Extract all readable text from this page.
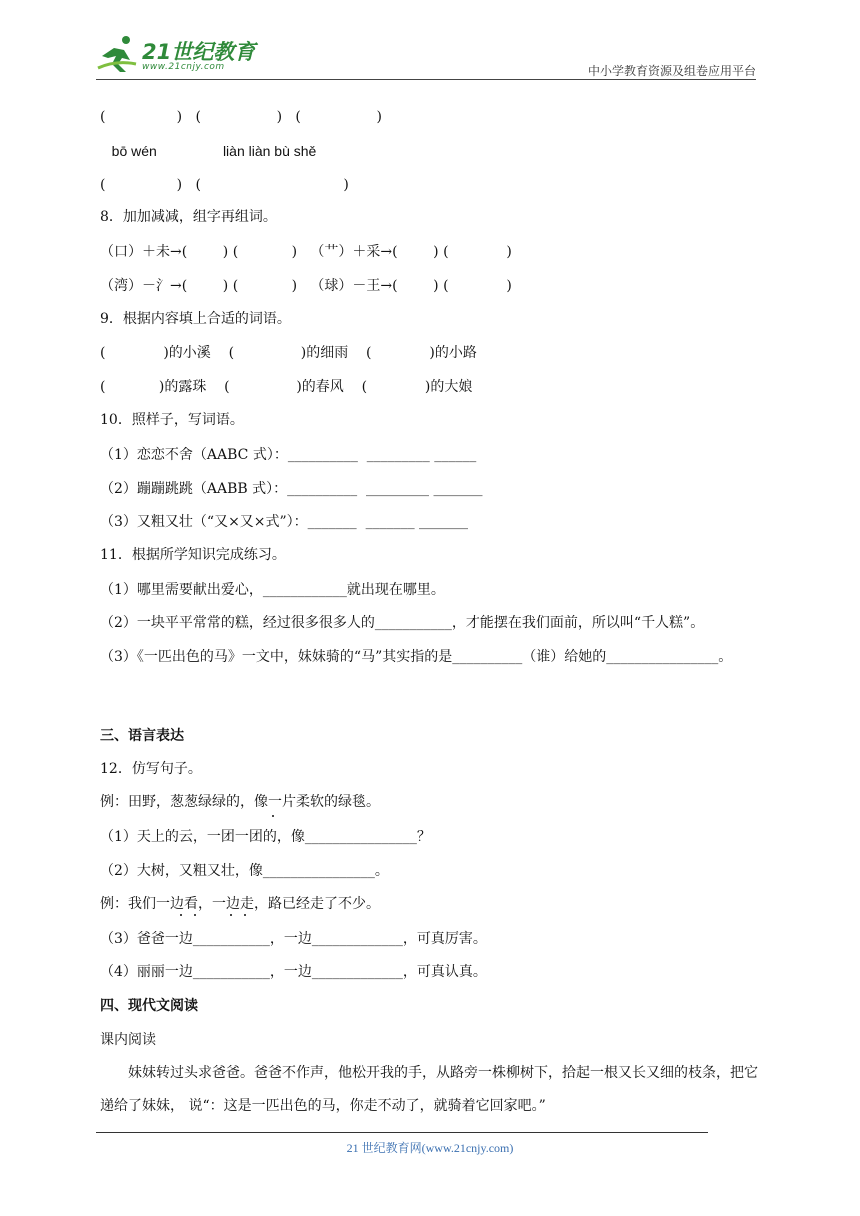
21世纪教育
www.21cnjy.com	中小学教育资源及组卷应用平台
(                )   (                 )   (                 )
bō wén                 liàn liàn bù shě
(                )   (                                )
8．加加减减，组字再组词。
（口）＋未→(        ) (            )   （艹）＋采→(        ) (             )
（湾）－氵→(        ) (            )   （球）－王→(        ) (             )
9．根据内容填上合适的词语。
(             )的小溪    (               )的细雨    (             )的小路
(            )的露珠    (               )的春风    (             )的大娘
10．照样子，写词语。
（1）恋恋不舍（AABC 式）：__________  _________ ______
（2）蹦蹦跳跳（AABB 式）：__________  _________ _______
（3）又粗又壮（“又×又×式”）：_______  _______ _______
11．根据所学知识完成练习。
（1）哪里需要献出爱心，____________就出现在哪里。
（2）一块平平常常的糕，经过很多很多人的___________，才能摆在我们面前，所以叫“千人糕”。
（3）《一匹出色的马》一文中，妹妹骑的“马”其实指的是__________（谁）给她的________________。
三、语言表达
12．仿写句子。
例：田野，葱葱绿绿的，像一片柔软的绿毯。
（1）天上的云，一团一团的，像________________？
（2）大树，又粗又壮，像________________。
例：我们一边看，一边走，路已经走了不少。
（3）爸爸一边___________，一边_____________，可真厉害。
（4）丽丽一边___________，一边_____________，可真认真。
四、现代文阅读
课内阅读
　　妹妹转过头求爸爸。爸爸不作声，他松开我的手，从路旁一株柳树下，拾起一根又长又细的枝条，把它递给了妹妹， 说“：这是一匹出色的马，你走不动了，就骑着它回家吧。”
21 世纪教育网(www.21cnjy.com)
